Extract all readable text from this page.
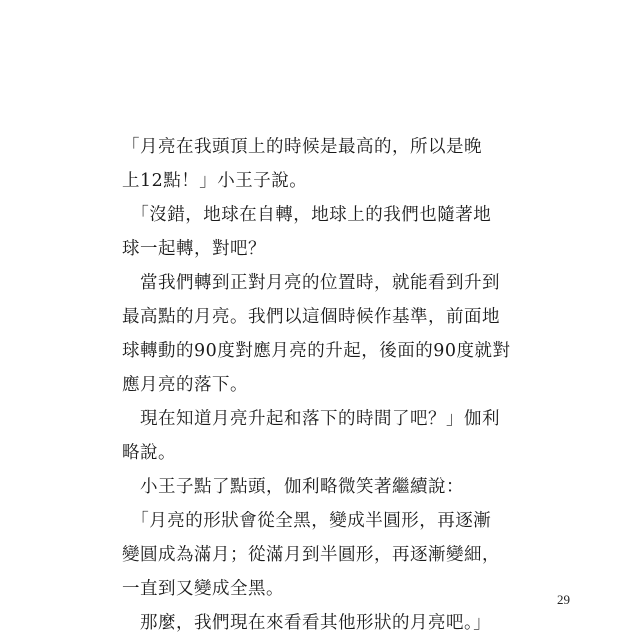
「月亮在我頭頂上的時候是最高的，所以是晚
上12點！」小王子說。
　「沒錯，地球在自轉，地球上的我們也隨著地
球一起轉，對吧？
　當我們轉到正對月亮的位置時，就能看到升到
最高點的月亮。我們以這個時候作基準，前面地
球轉動的90度對應月亮的升起，後面的90度就對
應月亮的落下。
　現在知道月亮升起和落下的時間了吧？」伽利
略說。
　小王子點了點頭，伽利略微笑著繼續說：
　「月亮的形狀會從全黑，變成半圓形，再逐漸
變圓成為滿月；從滿月到半圓形，再逐漸變細，
一直到又變成全黑。
　那麼，我們現在來看看其他形狀的月亮吧。」
29
